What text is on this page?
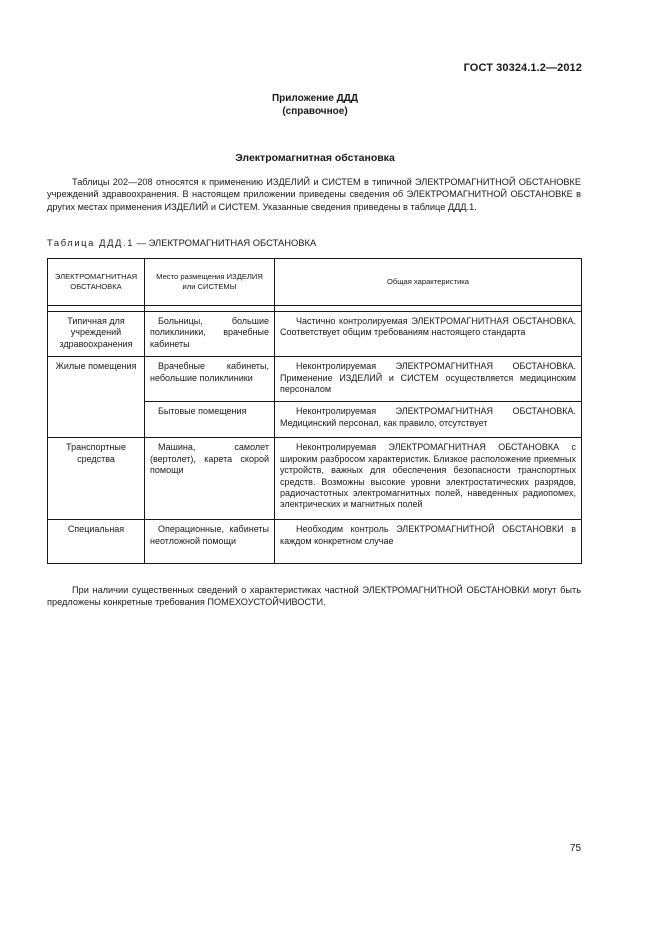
ГОСТ 30324.1.2—2012
Приложение ДДД
(справочное)
Электромагнитная обстановка

Таблицы 202—208 относятся к применению ИЗДЕЛИЙ и СИСТЕМ в типичной ЭЛЕКТРОМАГНИТНОЙ ОБСТАНОВКЕ учреждений здравоохранения. В настоящем приложении приведены сведения об ЭЛЕКТРОМАГНИТНОЙ ОБСТАНОВКЕ в других местах применения ИЗДЕЛИЙ и СИСТЕМ. Указанные сведения приведены в таблице ДДД.1.

Таблица ДДД.1 — ЭЛЕКТРОМАГНИТНАЯ ОБСТАНОВКА
ЭЛЕКТРОМАГНИТНАЯ ОБСТАНОВКА	Место размещения ИЗДЕЛИЯ или СИСТЕМЫ	Общая характеристика

Типичная для учреждений здравоохранения	Больницы, большие поликлиники, врачебные кабинеты	Частично контролируемая ЭЛЕКТРОМАГНИТНАЯ ОБСТАНОВКА. Соответствует общим требованиям настоящего стандарта
Жилые помещения	Врачебные кабинеты, небольшие поликлиники	Неконтролируемая ЭЛЕКТРОМАГНИТНАЯ ОБСТАНОВКА. Применение ИЗДЕЛИЙ и СИСТЕМ осуществляется медицинским персоналом
	Бытовые помещения	Неконтролируемая ЭЛЕКТРОМАГНИТНАЯ ОБСТАНОВКА. Медицинский персонал, как правило, отсутствует
Транспортные средства	Машина, самолет (вертолет), карета скорой помощи	Неконтролируемая ЭЛЕКТРОМАГНИТНАЯ ОБСТАНОВКА с широким разбросом характеристик. Близкое расположение приемных устройств, важных для обеспечения безопасности транспортных средств. Возможны высокие уровни электростатических разрядов, радиочастотных электромагнитных полей, наведенных радиопомех, электрических и магнитных полей
Специальная	Операционные, кабинеты неотложной помощи	Необходим контроль ЭЛЕКТРОМАГНИТНОЙ ОБСТАНОВКИ в каждом конкретном случае

При наличии существенных сведений о характеристиках частной ЭЛЕКТРОМАГНИТНОЙ ОБСТАНОВКИ могут быть предложены конкретные требования ПОМЕХОУСТОЙЧИВОСТИ.

75
